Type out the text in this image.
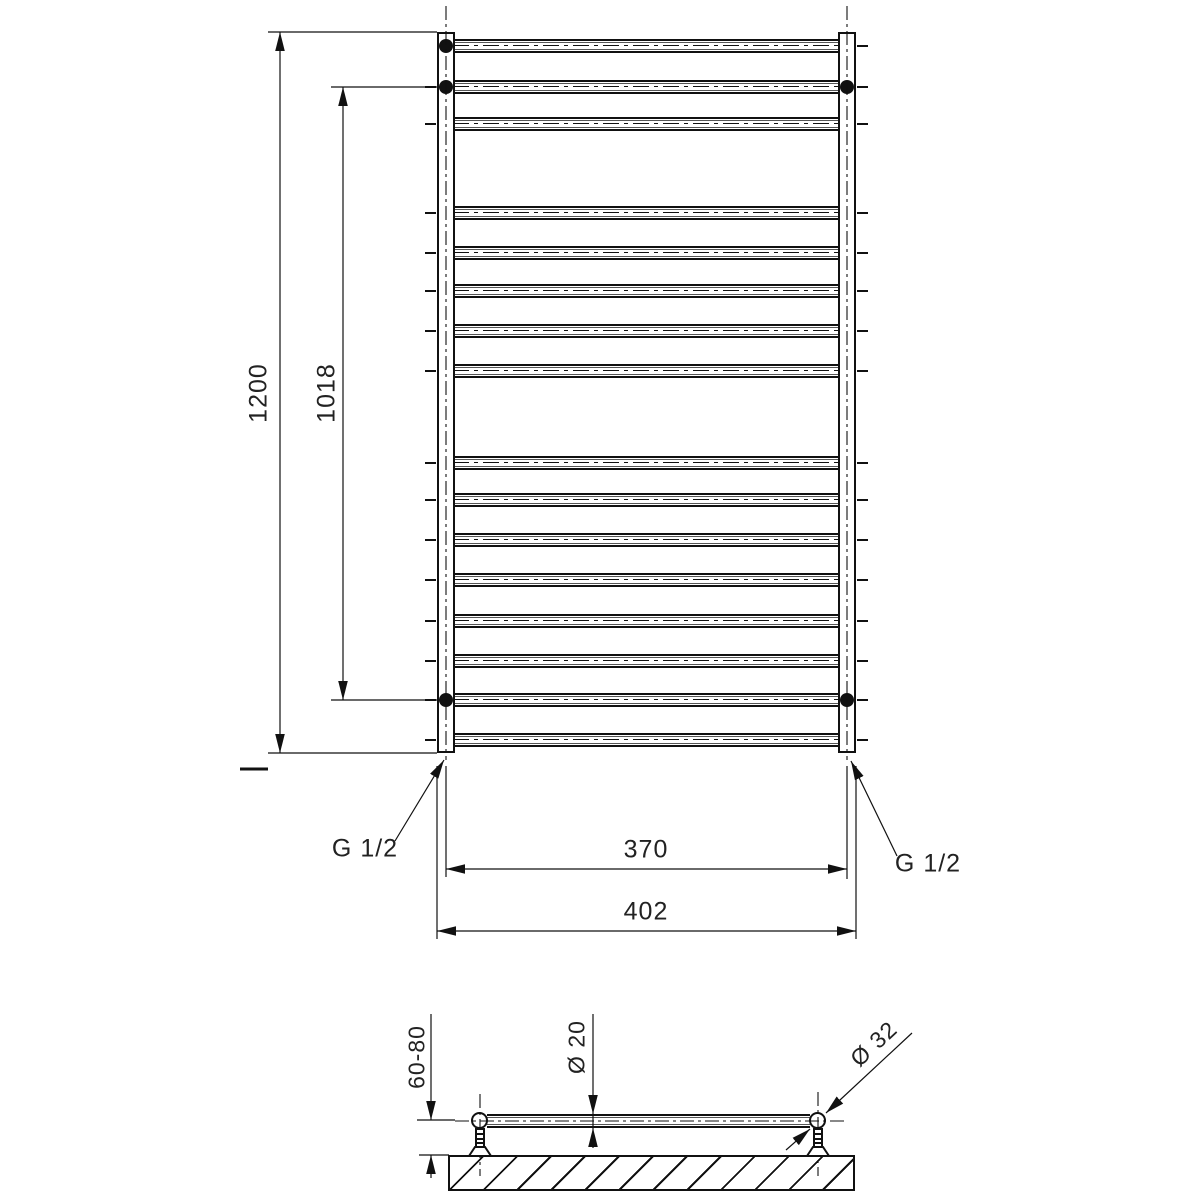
1200 1018
370
402
G 1/2
G 1/2
60-80	Ø 20	Ø 32
